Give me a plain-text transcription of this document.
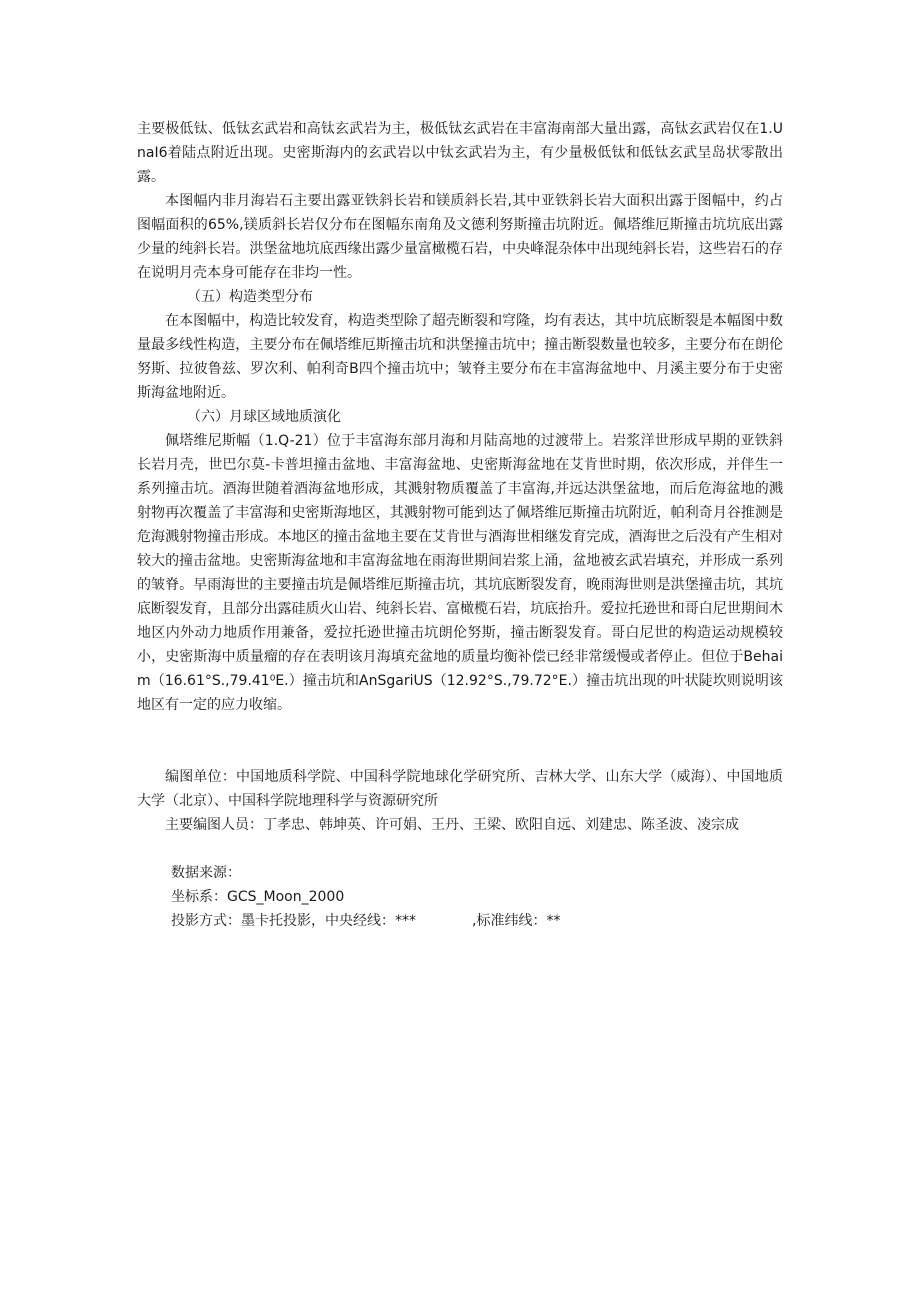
主要极低钛、低钛玄武岩和高钛玄武岩为主，极低钛玄武岩在丰富海南部大量出露，高钛玄武岩仅在1.UnaI6着陆点附近出现。史密斯海内的玄武岩以中钛玄武岩为主，有少量极低钛和低钛玄武呈岛状零散出露。

本图幅内非月海岩石主要出露亚铁斜长岩和镁质斜长岩,其中亚铁斜长岩大面积出露于图幅中，约占图幅面积的65%,镁质斜长岩仅分布在图幅东南角及文德利努斯撞击坑附近。佩塔维厄斯撞击坑坑底出露少量的纯斜长岩。洪堡盆地坑底西缘出露少量富橄榄石岩，中央峰混杂体中出现纯斜长岩，这些岩石的存在说明月壳本身可能存在非均一性。

（五）构造类型分布

在本图幅中，构造比较发育，构造类型除了超壳断裂和穹隆，均有表达，其中坑底断裂是本幅图中数量最多线性构造，主要分布在佩塔维厄斯撞击坑和洪堡撞击坑中；撞击断裂数量也较多，主要分布在朗伦努斯、拉彼鲁兹、罗次利、帕利奇B四个撞击坑中；皱脊主要分布在丰富海盆地中、月溪主要分布于史密斯海盆地附近。

（六）月球区域地质演化

佩塔维尼斯幅（1.Q-21）位于丰富海东部月海和月陆高地的过渡带上。岩浆洋世形成早期的亚铁斜长岩月壳，世巴尔莫-卡普坦撞击盆地、丰富海盆地、史密斯海盆地在艾肯世时期，依次形成，并伴生一系列撞击坑。酒海世随着酒海盆地形成，其溅射物质覆盖了丰富海,并远达洪堡盆地，而后危海盆地的溅射物再次覆盖了丰富海和史密斯海地区，其溅射物可能到达了佩塔维厄斯撞击坑附近，帕利奇月谷推测是危海溅射物撞击形成。本地区的撞击盆地主要在艾肯世与酒海世相继发育完成，酒海世之后没有产生相对较大的撞击盆地。史密斯海盆地和丰富海盆地在雨海世期间岩浆上涌，盆地被玄武岩填充，并形成一系列的皱脊。早雨海世的主要撞击坑是佩塔维厄斯撞击坑，其坑底断裂发育，晚雨海世则是洪堡撞击坑，其坑底断裂发育，且部分出露硅质火山岩、纯斜长岩、富橄榄石岩，坑底抬升。爱拉托逊世和哥白尼世期间木地区内外动力地质作用兼备，爱拉托逊世撞击坑朗伦努斯，撞击断裂发育。哥白尼世的构造运动规模较小，史密斯海中质量瘤的存在表明该月海填充盆地的质量均衡补偿已经非常缓慢或者停止。但位于Behaim（16.61°S.,79.41⁰E.）撞击坑和AnSgariUS（12.92°S.,79.72°E.）撞击坑出现的叶状陡坎则说明该地区有一定的应力收缩。

编图单位：中国地质科学院、中国科学院地球化学研究所、吉林大学、山东大学（威海）、中国地质大学（北京）、中国科学院地理科学与资源研究所

主要编图人员：丁孝忠、韩坤英、许可娟、王丹、王梁、欧阳自远、刘建忠、陈圣波、凌宗成

数据来源：

坐标系：GCS_Moon_2000

投影方式：墨卡托投影，中央经线：***	,标准纬线：**
